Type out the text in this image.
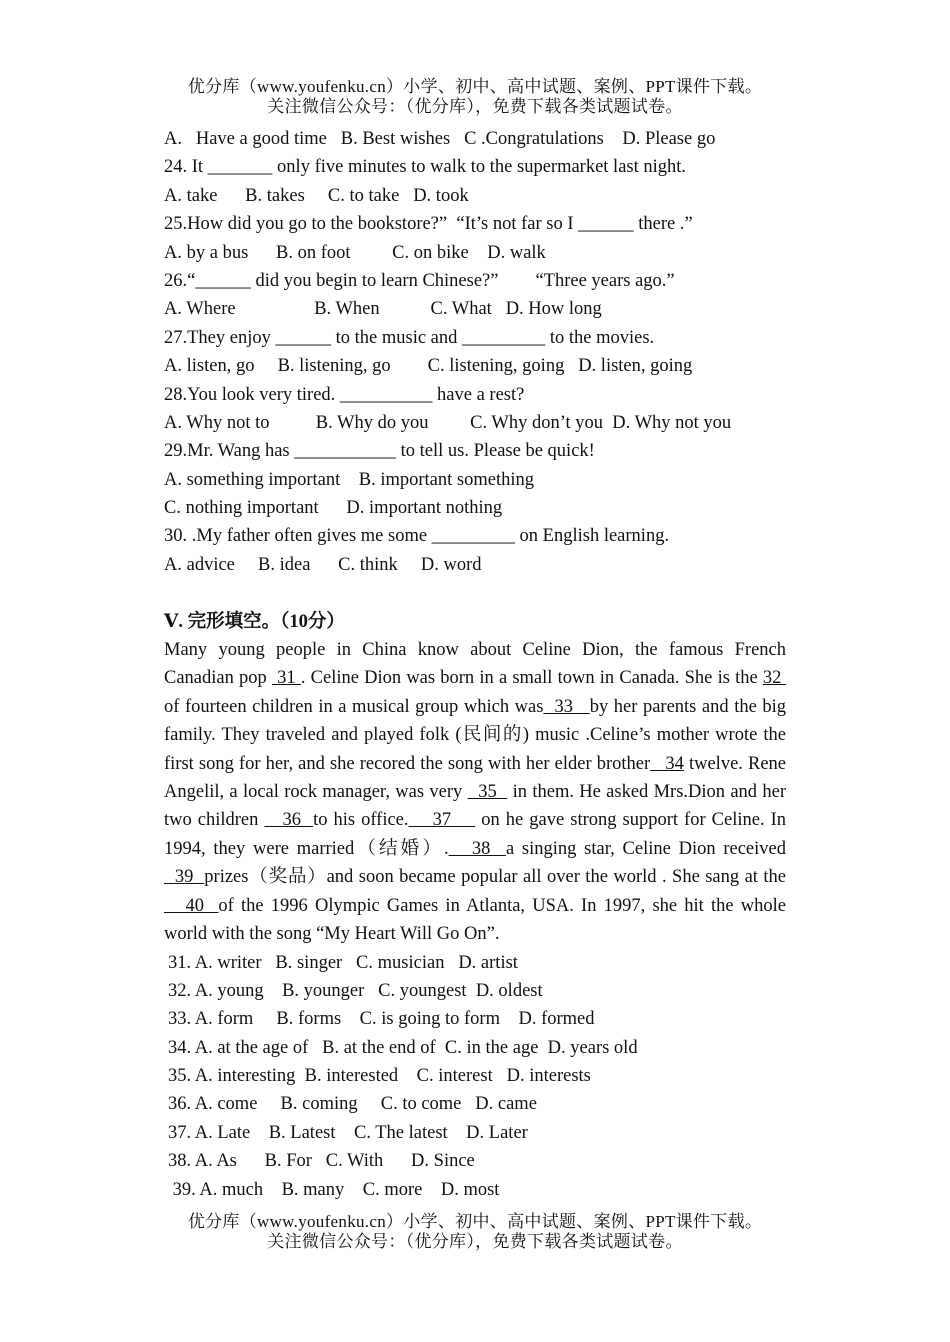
优分库（www.youfenku.cn）小学、初中、高中试题、案例、PPT课件下载。
关注微信公众号：（优分库），免费下载各类试题试卷。
A.   Have a good time   B. Best wishes   C .Congratulations    D. Please go
24. It _______ only five minutes to walk to the supermarket last night.
A. take      B. takes     C. to take   D. took
25.How did you go to the bookstore?”  “It’s not far so I ______ there .”
A. by a bus      B. on foot         C. on bike    D. walk
26.“______ did you begin to learn Chinese?”        “Three years ago.”
A. Where                 B. When           C. What   D. How long
27.They enjoy ______ to the music and _________ to the movies.
A. listen, go     B. listening, go        C. listening, going   D. listen, going
28.You look very tired. __________ have a rest?
A. Why not to          B. Why do you         C. Why don’t you  D. Why not you
29.Mr. Wang has ___________ to tell us. Please be quick!
A. something important    B. important something
C. nothing important      D. important nothing
30. .My father often gives me some _________ on English learning.
A. advice     B. idea      C. think     D. word
Ⅴ. 完形填空。（10分）
Many young people in China know about Celine Dion, the famous French Canadian pop  31 . Celine Dion was born in a small town in Canada. She is the 32  of fourteen children in a musical group which was  33   by her parents and the big family. They traveled and played folk (民间的) music .Celine’s mother wrote the first song for her, and she recored the song with her elder brother   34 twelve. Rene Angelil, a local rock manager, was very   35   in them. He asked Mrs.Dion and her two children    36  to his office.    37     on he gave strong support for Celine. In 1994, they were married（结婚）.   38  a singing star, Celine Dion received   39  prizes（奖品）and soon became popular all over the world . She sang at the    40  of the 1996 Olympic Games in Atlanta, USA. In 1997, she hit the whole world with the song “My Heart Will Go On”.
31. A. writer   B. singer   C. musician   D. artist
32. A. young    B. younger   C. youngest  D. oldest
33. A. form     B. forms    C. is going to form    D. formed
34. A. at the age of   B. at the end of  C. in the age  D. years old
35. A. interesting  B. interested    C. interest   D. interests
36. A. come     B. coming     C. to come   D. came
37. A. Late    B. Latest    C. The latest    D. Later
38. A. As      B. For   C. With      D. Since
39. A. much    B. many    C. more    D. most
优分库（www.youfenku.cn）小学、初中、高中试题、案例、PPT课件下载。
关注微信公众号：（优分库），免费下载各类试题试卷。
